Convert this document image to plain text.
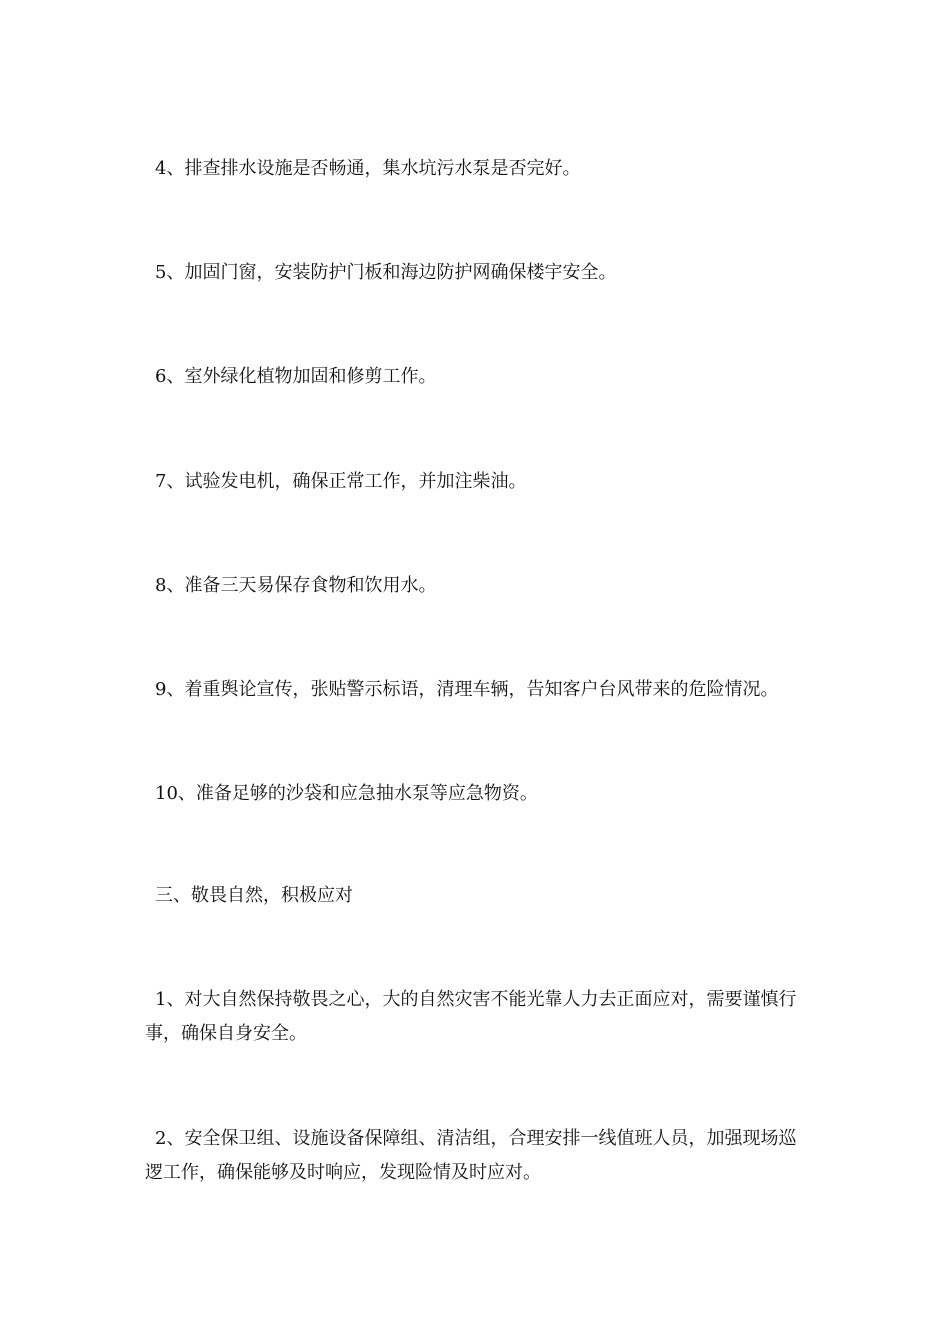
4、排查排水设施是否畅通，集水坑污水泵是否完好。

5、加固门窗，安装防护门板和海边防护网确保楼宇安全。

6、室外绿化植物加固和修剪工作。

7、试验发电机，确保正常工作，并加注柴油。

8、准备三天易保存食物和饮用水。

9、着重舆论宣传，张贴警示标语，清理车辆，告知客户台风带来的危险情况。

10、准备足够的沙袋和应急抽水泵等应急物资。

三、敬畏自然，积极应对

1、对大自然保持敬畏之心，大的自然灾害不能光靠人力去正面应对，需要谨慎行事，确保自身安全。

2、安全保卫组、设施设备保障组、清洁组，合理安排一线值班人员，加强现场巡逻工作，确保能够及时响应，发现险情及时应对。
